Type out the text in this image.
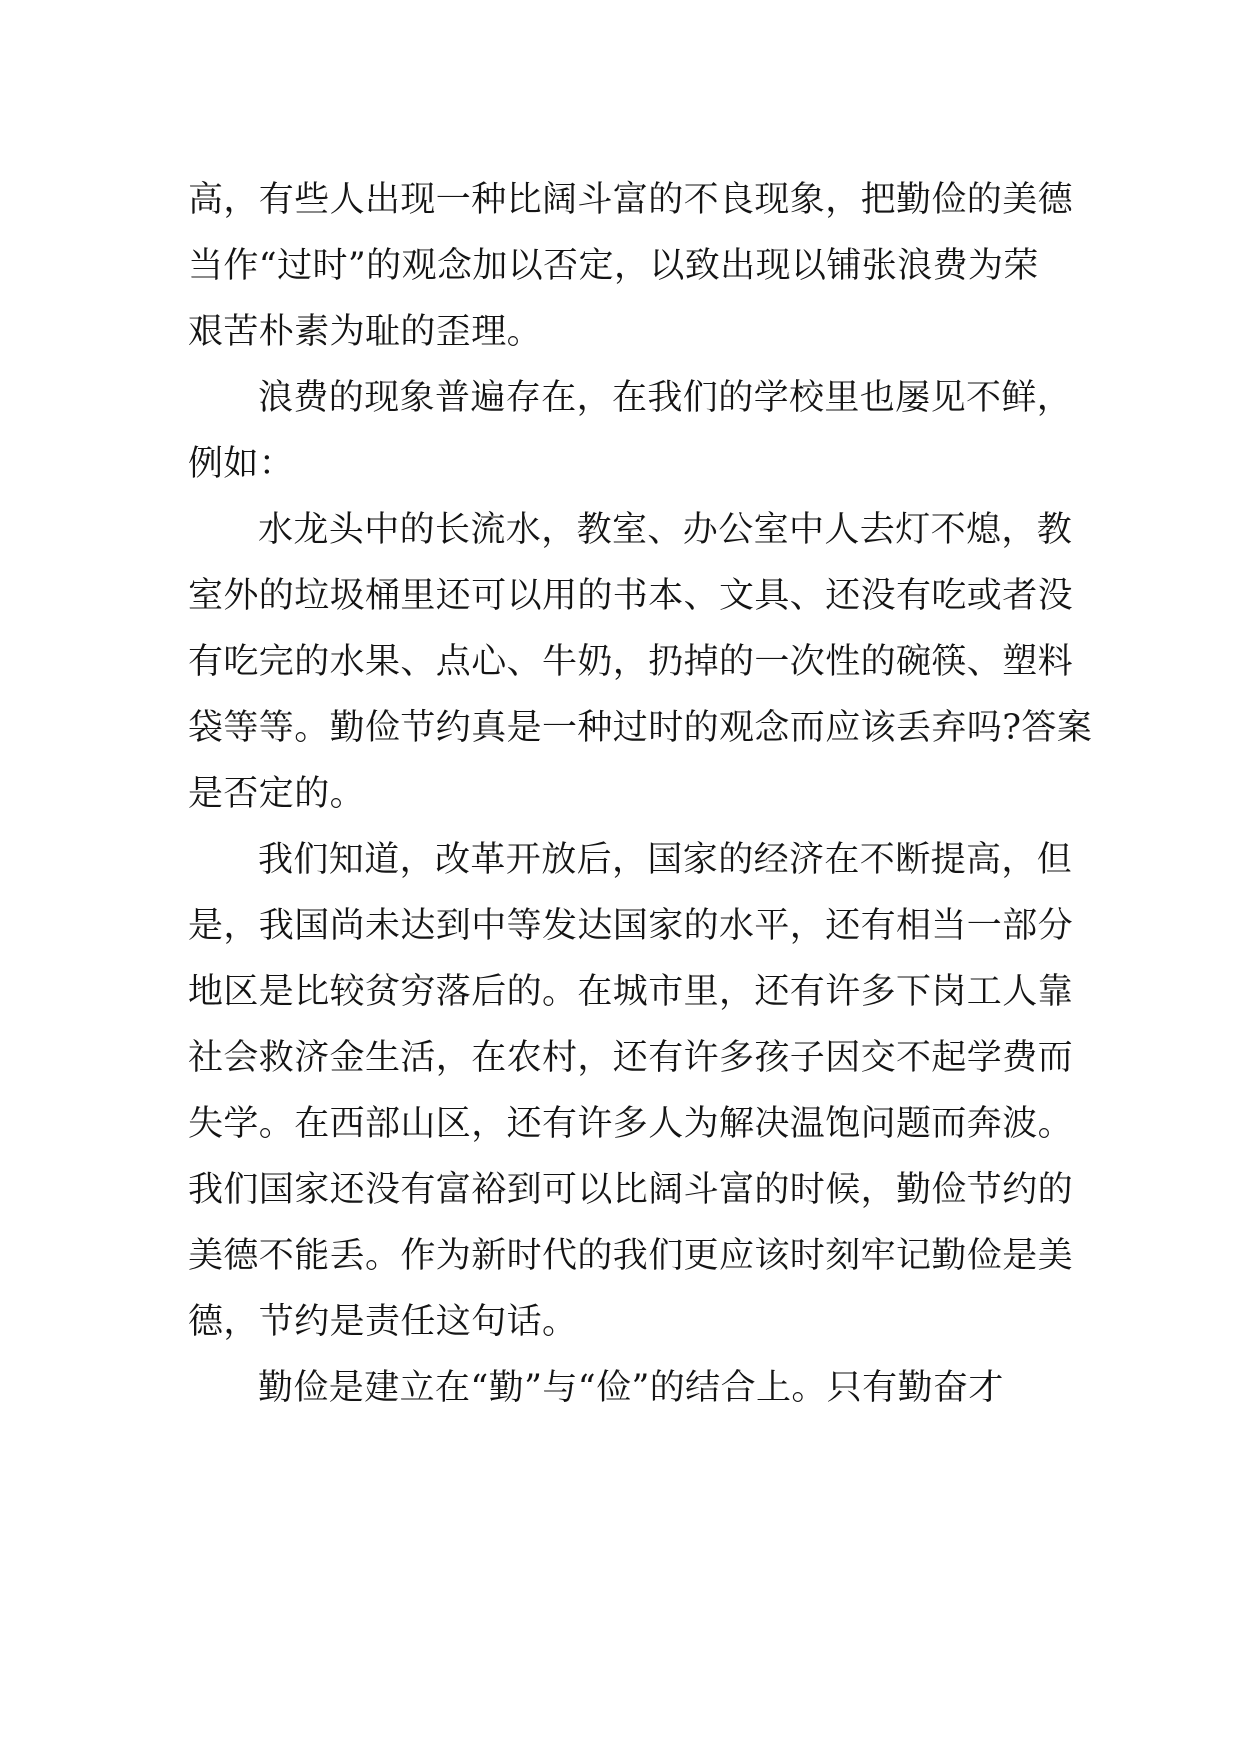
高，有些人出现一种比阔斗富的不良现象，把勤俭的美德
当作“过时”的观念加以否定，以致出现以铺张浪费为荣
艰苦朴素为耻的歪理。
浪费的现象普遍存在，在我们的学校里也屡见不鲜，
例如：
水龙头中的长流水，教室、办公室中人去灯不熄，教
室外的垃圾桶里还可以用的书本、文具、还没有吃或者没
有吃完的水果、点心、牛奶，扔掉的一次性的碗筷、塑料
袋等等。勤俭节约真是一种过时的观念而应该丢弃吗?答案
是否定的。
我们知道，改革开放后，国家的经济在不断提高，但
是，我国尚未达到中等发达国家的水平，还有相当一部分
地区是比较贫穷落后的。在城市里，还有许多下岗工人靠
社会救济金生活，在农村，还有许多孩子因交不起学费而
失学。在西部山区，还有许多人为解决温饱问题而奔波。
我们国家还没有富裕到可以比阔斗富的时候，勤俭节约的
美德不能丢。作为新时代的我们更应该时刻牢记勤俭是美
德，节约是责任这句话。
勤俭是建立在“勤”与“俭”的结合上。只有勤奋才
